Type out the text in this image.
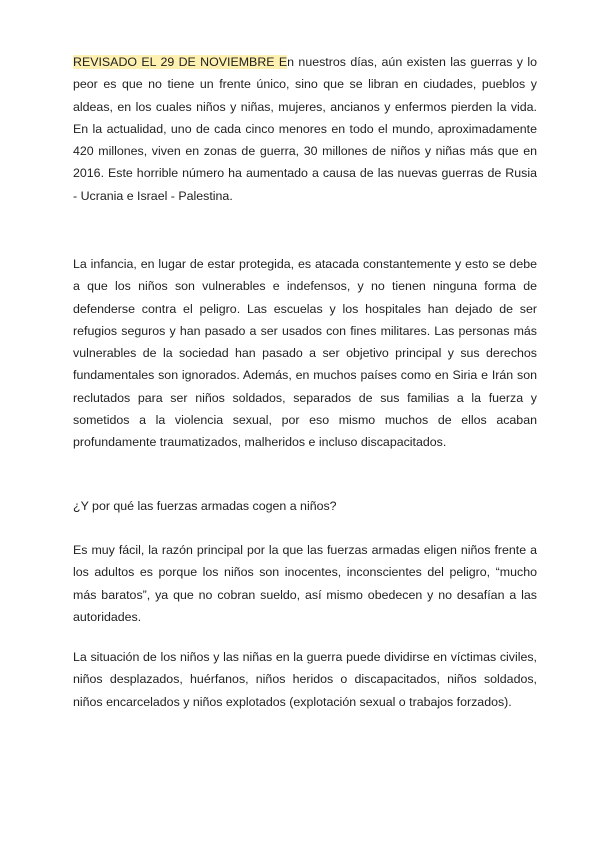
REVISADO EL 29 DE NOVIEMBRE En nuestros días, aún existen las guerras y lo peor es que no tiene un frente único, sino que se libran en ciudades, pueblos y aldeas, en los cuales niños y niñas, mujeres, ancianos y enfermos pierden la vida. En la actualidad, uno de cada cinco menores en todo el mundo, aproximadamente 420 millones, viven en zonas de guerra, 30 millones de niños y niñas más que en 2016. Este horrible número ha aumentado a causa de las nuevas guerras de Rusia - Ucrania e Israel - Palestina.

La infancia, en lugar de estar protegida, es atacada constantemente y esto se debe a que los niños son vulnerables e indefensos, y no tienen ninguna forma de defenderse contra el peligro. Las escuelas y los hospitales han dejado de ser refugios seguros y han pasado a ser usados con fines militares. Las personas más vulnerables de la sociedad han pasado a ser objetivo principal y sus derechos fundamentales son ignorados. Además, en muchos países como en Siria e Irán son reclutados para ser niños soldados, separados de sus familias a la fuerza y sometidos a la violencia sexual, por eso mismo muchos de ellos acaban profundamente traumatizados, malheridos e incluso discapacitados.

¿Y por qué las fuerzas armadas cogen a niños?

Es muy fácil, la razón principal por la que las fuerzas armadas eligen niños frente a los adultos es porque los niños son inocentes, inconscientes del peligro, “mucho más baratos”, ya que no cobran sueldo, así mismo obedecen y no desafían a las autoridades.

La situación de los niños y las niñas en la guerra puede dividirse en víctimas civiles, niños desplazados, huérfanos, niños heridos o discapacitados, niños soldados, niños encarcelados y niños explotados (explotación sexual o trabajos forzados).
